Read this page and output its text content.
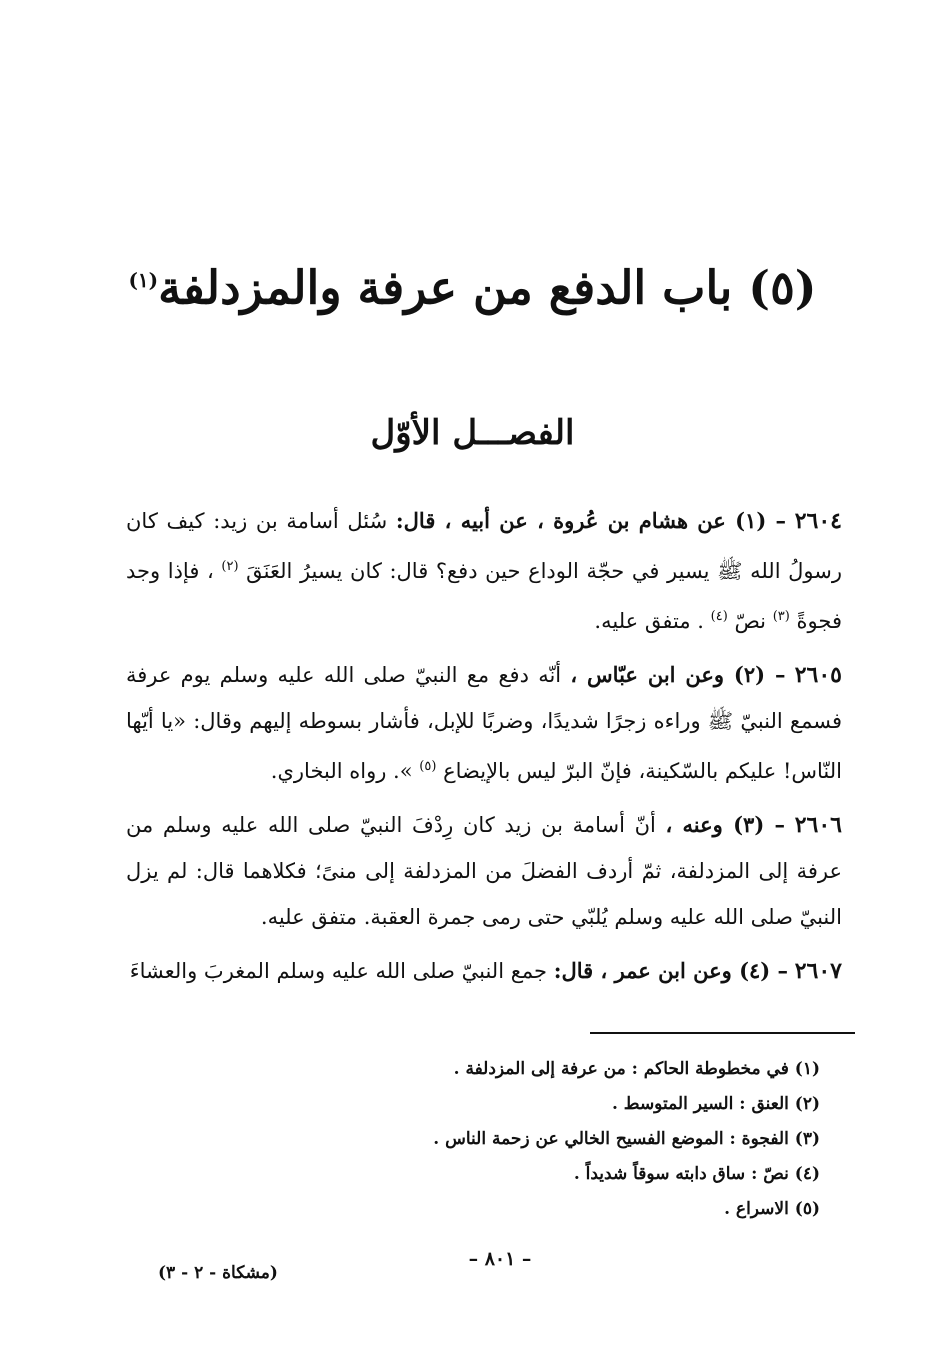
(٥) باب الدفع من عرفة والمزدلفة$^{(١)}$
الفصـــل الأوّل

٢٦٠٤ – (١) عن هشام بن عُروة ، عن أبيه ، قال: سُئل أسامة بن زيد: كيف كان رسولُ الله ﷺ يسير في حجّة الوداع حين دفع؟ قال: كان يسيرُ العَنَقَ $^{(٢)}$ ، فإذا وجد فجوةً $^{(٣)}$ نصّ $^{(٤)}$ . متفق عليه.

٢٦٠٥ – (٢) وعن ابن عبّاس ، أنّه دفع مع النبيّ صلى الله عليه وسلم يوم عرفة فسمع النبيّ ﷺ وراءه زجرًا شديدًا، وضربًا للإبل، فأشار بسوطه إليهم وقال: «يا أيّها النّاس! عليكم بالسّكينة، فإنّ البرّ ليس بالإيضاع $^{(٥)}$ ». رواه البخاري.

٢٦٠٦ – (٣) وعنه ، أنّ أسامة بن زيد كان رِدْفَ النبيّ صلى الله عليه وسلم من عرفة إلى المزدلفة، ثمّ أردف الفضلَ من المزدلفة إلى منىً؛ فكلاهما قال: لم يزل النبيّ صلى الله عليه وسلم يُلبّي حتى رمى جمرة العقبة. متفق عليه.

٢٦٠٧ – (٤) وعن ابن عمر ، قال: جمع النبيّ صلى الله عليه وسلم المغربَ والعشاءَ

(١) في مخطوطة الحاكم : من عرفة إلى المزدلفة .

(٢) العنق : السير المتوسط .

(٣) الفجوة : الموضع الفسيح الخالي عن زحمة الناس .

(٤) نصّ : ساق دابته سوقاً شديداً .

(٥) الاسراع .

– ٨٠١ –
(مشكاة - ٢ - ٣)
